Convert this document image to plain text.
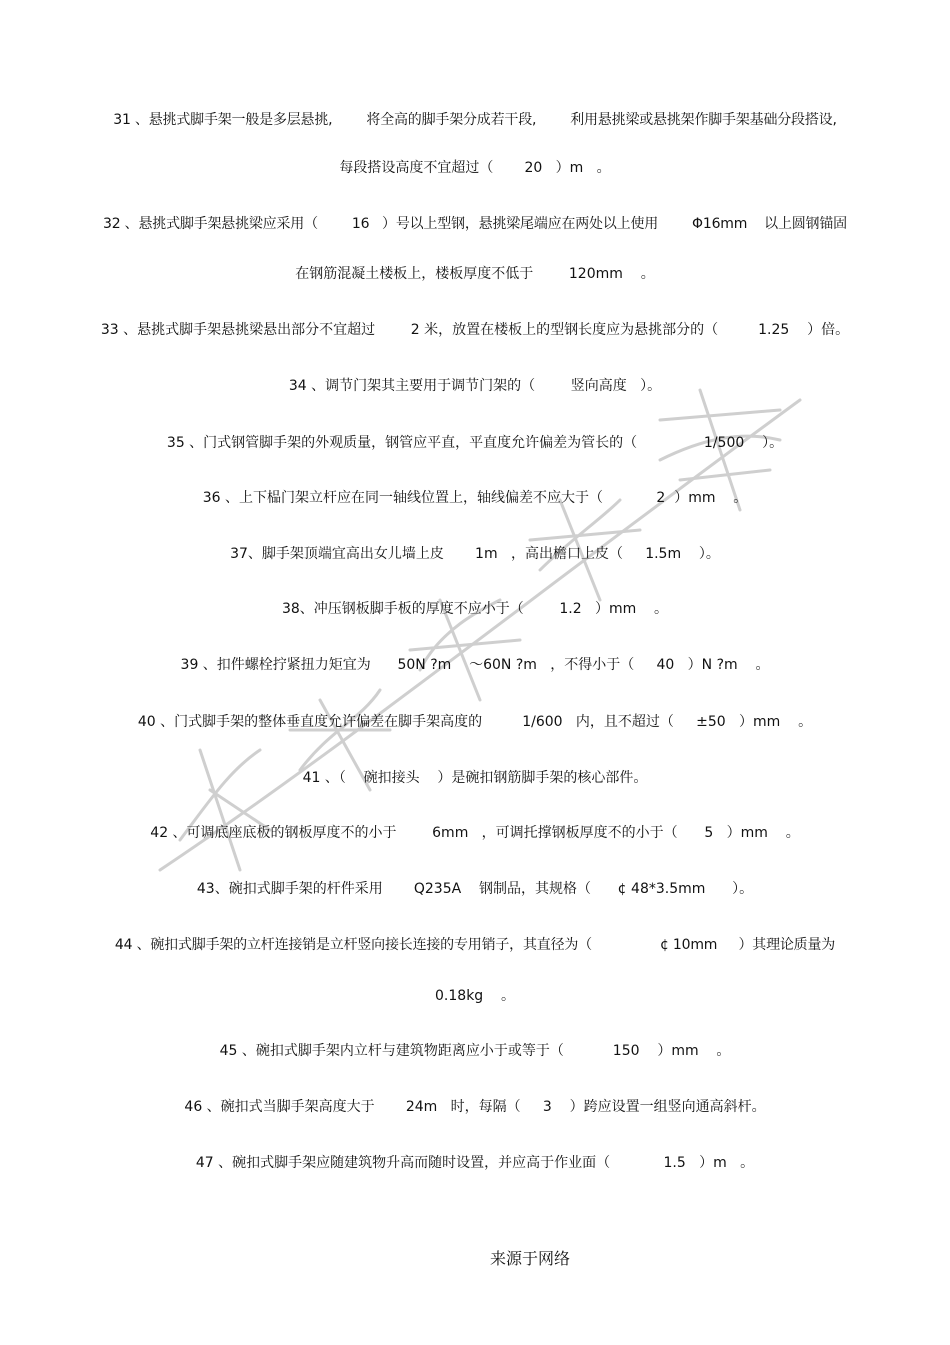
31 、悬挑式脚手架一般是多层悬挑,        将全高的脚手架分成若干段,        利用悬挑梁或悬挑架作脚手架基础分段搭设,
每段搭设高度不宜超过（       20   ）m   。
32 、悬挑式脚手架悬挑梁应采用（        16   ）号以上型钢，悬挑梁尾端应在两处以上使用        Φ16mm    以上圆钢锚固
在钢筋混凝土楼板上，楼板厚度不低于        120mm    。
33 、悬挑式脚手架悬挑梁悬出部分不宜超过        2 米，放置在楼板上的型钢长度应为悬挑部分的（         1.25    ）倍。
34 、调节门架其主要用于调节门架的（        竖向高度   ）。
35 、门式钢管脚手架的外观质量，钢管应平直，平直度允许偏差为管长的（               1/500    ）。
36 、上下榀门架立杆应在同一轴线位置上，轴线偏差不应大于（            2  ）mm    。
37、脚手架顶端宜高出女儿墙上皮       1m   ，高出檐口上皮（     1.5m    ）。
38、冲压钢板脚手板的厚度不应小于（        1.2   ）mm    。
39 、扣件螺栓拧紧扭力矩宜为      50N ?m    ～60N ?m   ，不得小于（     40   ）N ?m    。
40 、门式脚手架的整体垂直度允许偏差在脚手架高度的         1/600   内，且不超过（     ±50   ）mm    。
41 、（    碗扣接头    ）是碗扣钢筋脚手架的核心部件。
42 、可调底座底板的钢板厚度不的小于        6mm   ，可调托撑钢板厚度不的小于（      5   ）mm    。
43、碗扣式脚手架的杆件采用       Q235A    钢制品，其规格（      ¢ 48*3.5mm      ）。
44 、碗扣式脚手架的立杆连接销是立杆竖向接长连接的专用销子，其直径为（                ¢ 10mm     ）其理论质量为
0.18kg    。
45 、碗扣式脚手架内立杆与建筑物距离应小于或等于（           150    ）mm    。
46 、碗扣式当脚手架高度大于       24m   时，每隔（     3    ）跨应设置一组竖向通高斜杆。
47 、碗扣式脚手架应随建筑物升高而随时设置，并应高于作业面（            1.5   ）m   。
来源于网络
